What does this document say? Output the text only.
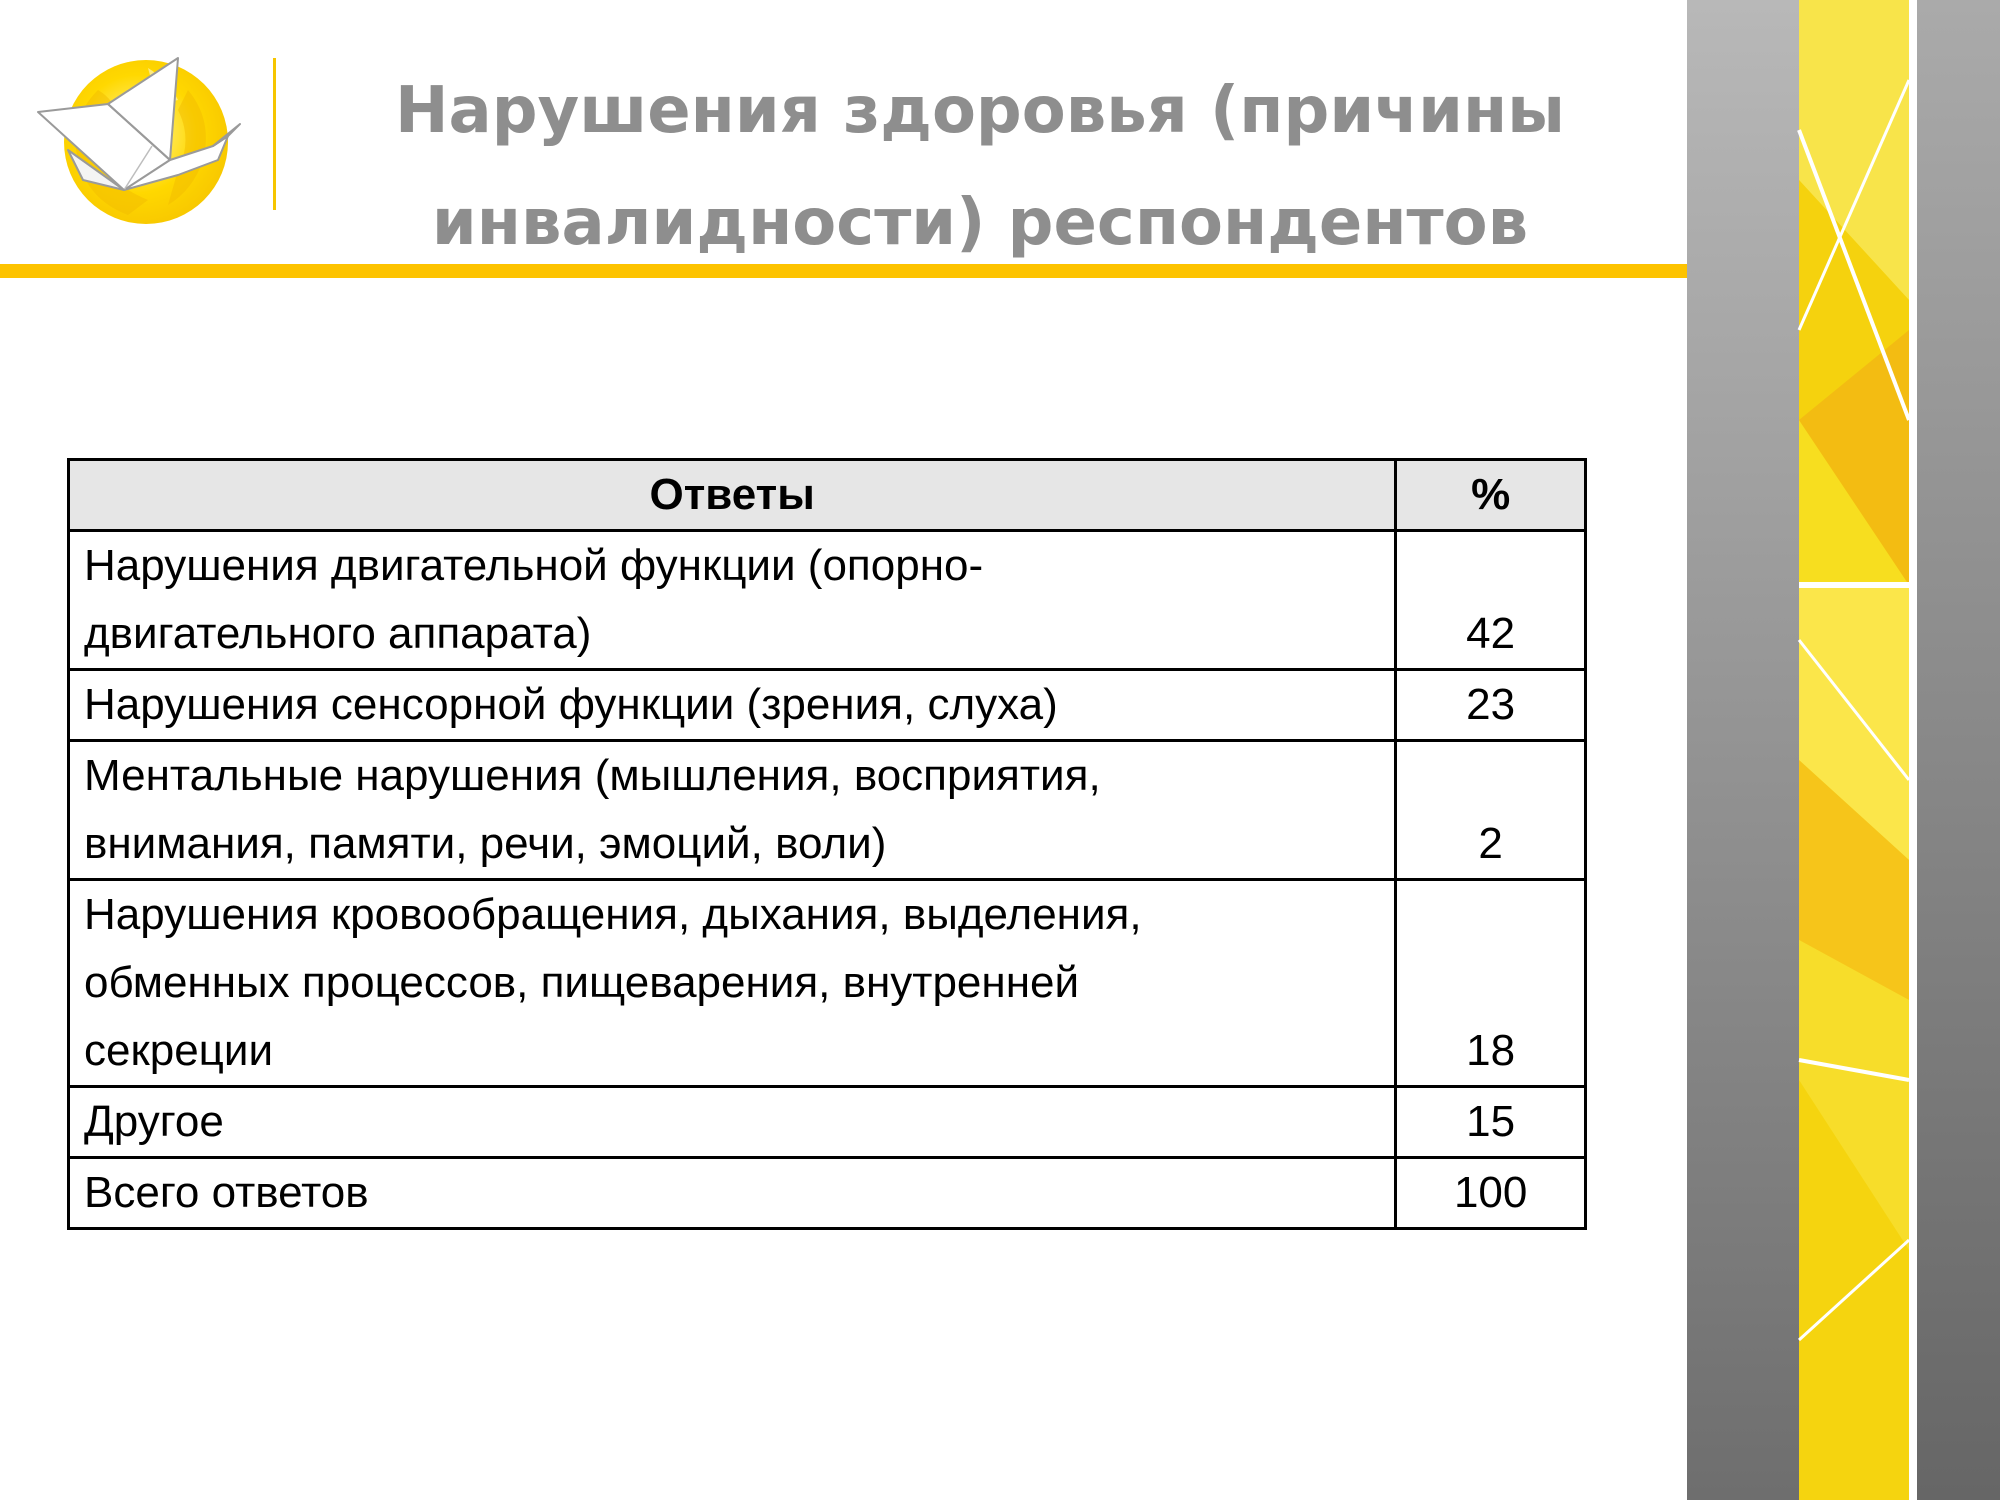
Нарушения здоровья (причины
инвалидности) респондентов
Ответы	%

Нарушения двигательной функции (опорно-
двигательного аппарата)	42

Нарушения сенсорной функции (зрения, слуха)	23

Ментальные нарушения (мышления, восприятия,
внимания, памяти, речи, эмоций, воли)	2

Нарушения кровообращения, дыхания, выделения,
обменных процессов, пищеварения, внутренней
секреции	18

Другое	15

Всего ответов	100
